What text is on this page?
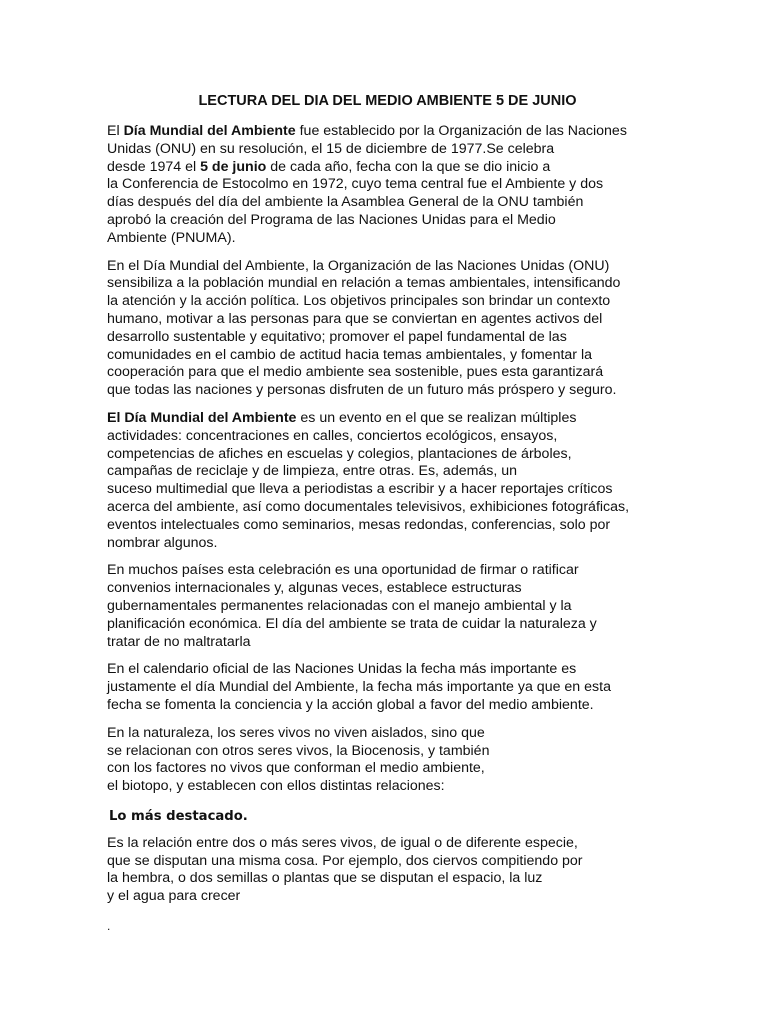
LECTURA DEL DIA DEL MEDIO AMBIENTE 5 DE JUNIO
El Día Mundial del Ambiente fue establecido por la Organización de las Naciones
Unidas (ONU) en su resolución, el 15 de diciembre de 1977.Se celebra
desde 1974 el 5 de junio de cada año, fecha con la que se dio inicio a
la Conferencia de Estocolmo en 1972, cuyo tema central fue el Ambiente y dos
días después del día del ambiente la Asamblea General de la ONU también
aprobó la creación del Programa de las Naciones Unidas para el Medio
Ambiente (PNUMA).
En el Día Mundial del Ambiente, la Organización de las Naciones Unidas (ONU)
sensibiliza a la población mundial en relación a temas ambientales, intensificando
la atención y la acción política. Los objetivos principales son brindar un contexto
humano, motivar a las personas para que se conviertan en agentes activos del
desarrollo sustentable y equitativo; promover el papel fundamental de las
comunidades en el cambio de actitud hacia temas ambientales, y fomentar la
cooperación para que el medio ambiente sea sostenible, pues esta garantizará
que todas las naciones y personas disfruten de un futuro más próspero y seguro.
El Día Mundial del Ambiente es un evento en el que se realizan múltiples
actividades: concentraciones en calles, conciertos ecológicos, ensayos,
competencias de afiches en escuelas y colegios, plantaciones de árboles,
campañas de reciclaje y de limpieza, entre otras. Es, además, un
suceso multimedial que lleva a periodistas a escribir y a hacer reportajes críticos
acerca del ambiente, así como documentales televisivos, exhibiciones fotográficas,
eventos intelectuales como seminarios, mesas redondas, conferencias, solo por
nombrar algunos.
En muchos países esta celebración es una oportunidad de firmar o ratificar
convenios internacionales y, algunas veces, establece estructuras
gubernamentales permanentes relacionadas con el manejo ambiental y la
planificación económica. El día del ambiente se trata de cuidar la naturaleza y
tratar de no maltratarla
En el calendario oficial de las Naciones Unidas la fecha más importante es
justamente el día Mundial del Ambiente, la fecha más importante ya que en esta
fecha se fomenta la conciencia y la acción global a favor del medio ambiente.
En la naturaleza, los seres vivos no viven aislados, sino que
se relacionan con otros seres vivos, la Biocenosis, y también
con los factores no vivos que conforman el medio ambiente,
el biotopo, y establecen con ellos distintas relaciones:
Lo más destacado.
Es la relación entre dos o más seres vivos, de igual o de diferente especie,
que se disputan una misma cosa. Por ejemplo, dos ciervos compitiendo por
la hembra, o dos semillas o plantas que se disputan el espacio, la luz
y el agua para crecer
.
